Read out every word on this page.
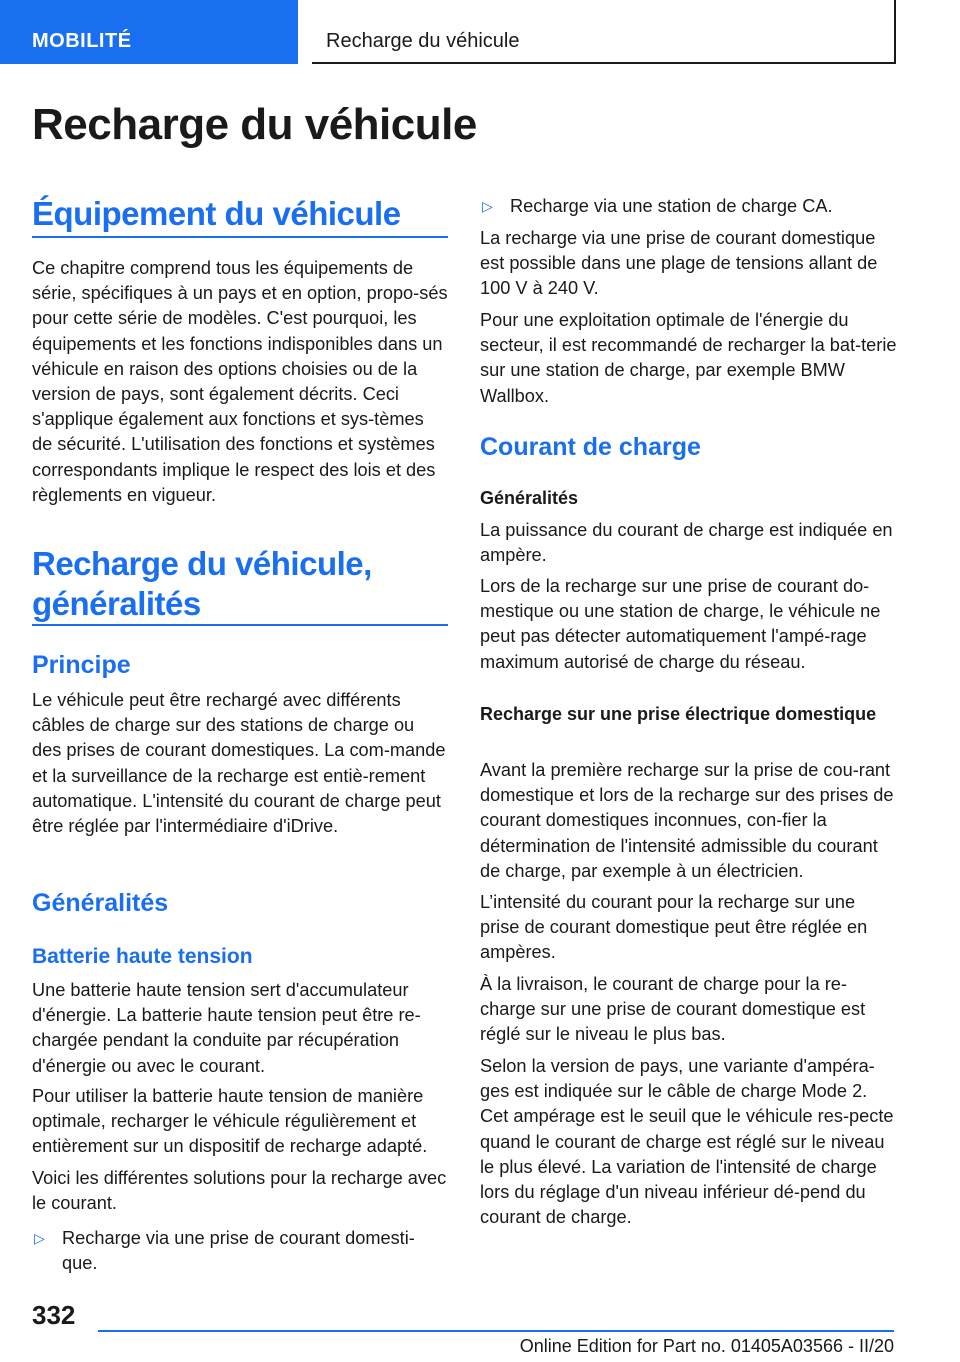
MOBILITÉ	Recharge du véhicule
Recharge du véhicule
Équipement du véhicule

Ce chapitre comprend tous les équipements de série, spécifiques à un pays et en option, propo-sés pour cette série de modèles. C'est pourquoi, les équipements et les fonctions indisponibles dans un véhicule en raison des options choisies ou de la version de pays, sont également décrits. Ceci s'applique également aux fonctions et sys-tèmes de sécurité. L'utilisation des fonctions et systèmes correspondants implique le respect des lois et des règlements en vigueur.

Recharge du véhicule, généralités
Principe

Le véhicule peut être rechargé avec différents câbles de charge sur des stations de charge ou des prises de courant domestiques. La com-mande et la surveillance de la recharge est entiè-rement automatique. L'intensité du courant de charge peut être réglée par l'intermédiaire d'iDrive.

Généralités
Batterie haute tension

Une batterie haute tension sert d'accumulateur d'énergie. La batterie haute tension peut être re-chargée pendant la conduite par récupération d'énergie ou avec le courant.

Pour utiliser la batterie haute tension de manière optimale, recharger le véhicule régulièrement et entièrement sur un dispositif de recharge adapté.

Voici les différentes solutions pour la recharge avec le courant.

▷ Recharge via une prise de courant domesti-que.
▷ Recharge via une station de charge CA.

La recharge via une prise de courant domestique est possible dans une plage de tensions allant de 100 V à 240 V.

Pour une exploitation optimale de l'énergie du secteur, il est recommandé de recharger la bat-terie sur une station de charge, par exemple BMW Wallbox.

Courant de charge
Généralités

La puissance du courant de charge est indiquée en ampère.

Lors de la recharge sur une prise de courant do-mestique ou une station de charge, le véhicule ne peut pas détecter automatiquement l'ampé-rage maximum autorisé de charge du réseau.

Recharge sur une prise électrique domestique

Avant la première recharge sur la prise de cou-rant domestique et lors de la recharge sur des prises de courant domestiques inconnues, con-fier la détermination de l'intensité admissible du courant de charge, par exemple à un électricien.

L’intensité du courant pour la recharge sur une prise de courant domestique peut être réglée en ampères.

À la livraison, le courant de charge pour la re-charge sur une prise de courant domestique est réglé sur le niveau le plus bas.

Selon la version de pays, une variante d'ampéra-ges est indiquée sur le câble de charge Mode 2. Cet ampérage est le seuil que le véhicule res-pecte quand le courant de charge est réglé sur le niveau le plus élevé. La variation de l'intensité de charge lors du réglage d'un niveau inférieur dé-pend du courant de charge.

332
Online Edition for Part no. 01405A03566 - II/20
